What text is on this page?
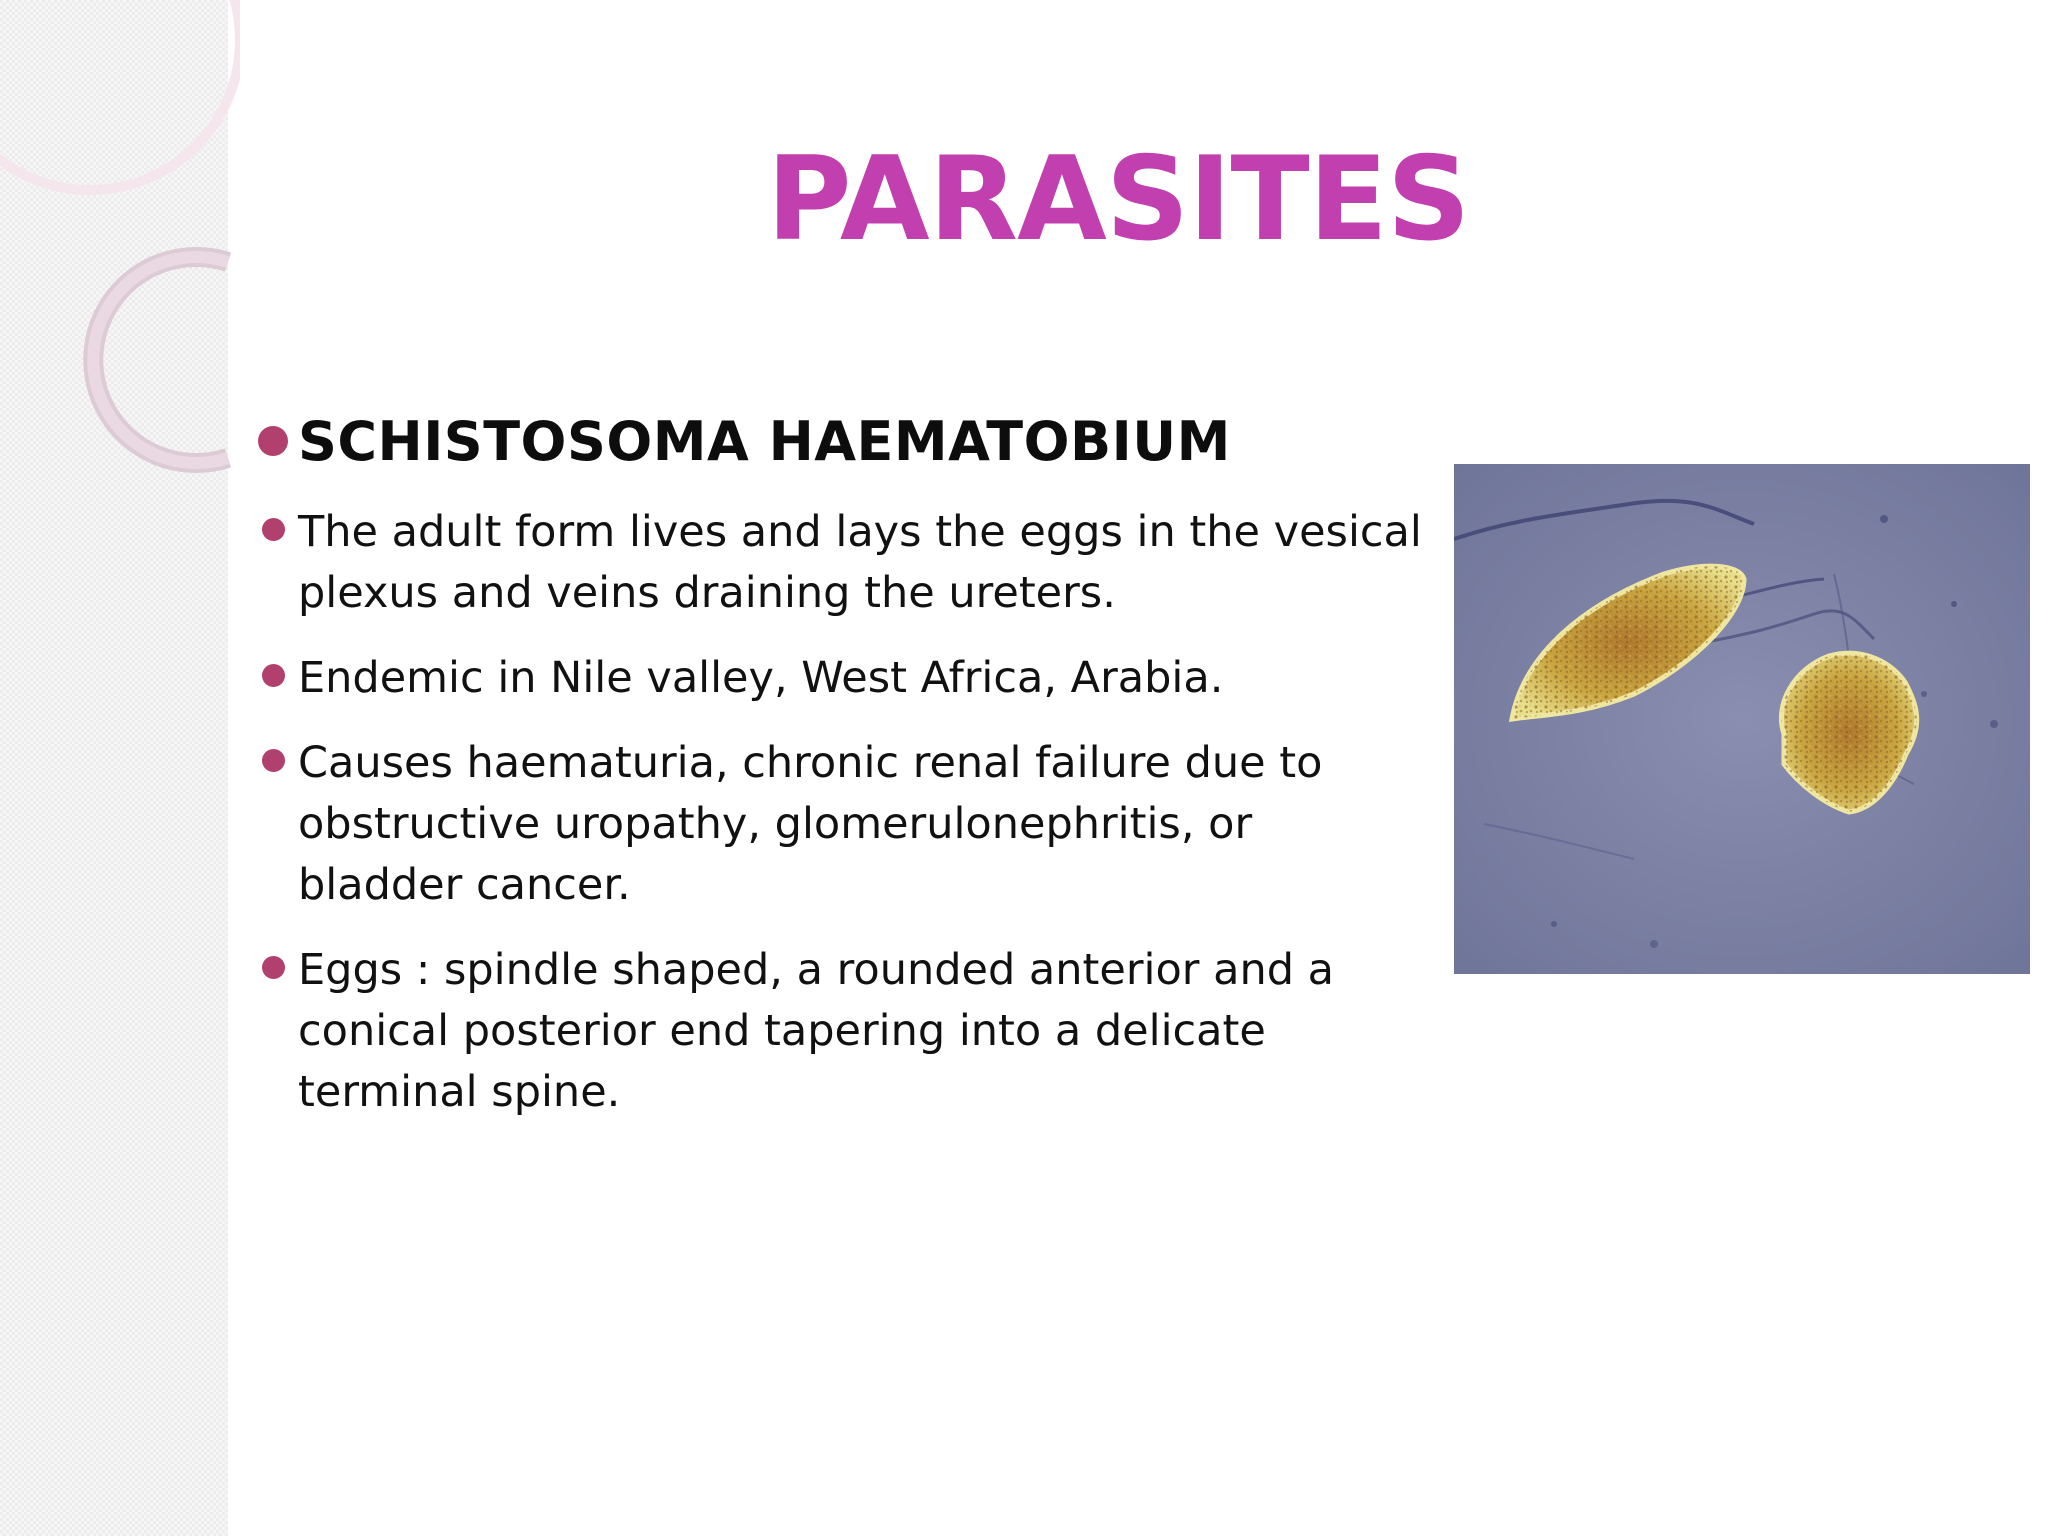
PARASITES
SCHISTOSOMA HAEMATOBIUM
The adult form lives and lays the eggs in the vesical plexus and veins draining the ureters.
Endemic in Nile valley, West Africa, Arabia.
Causes haematuria, chronic renal failure due to obstructive uropathy, glomerulonephritis, or bladder cancer.
Eggs : spindle shaped, a rounded anterior and a conical posterior end tapering into a delicate terminal spine.
